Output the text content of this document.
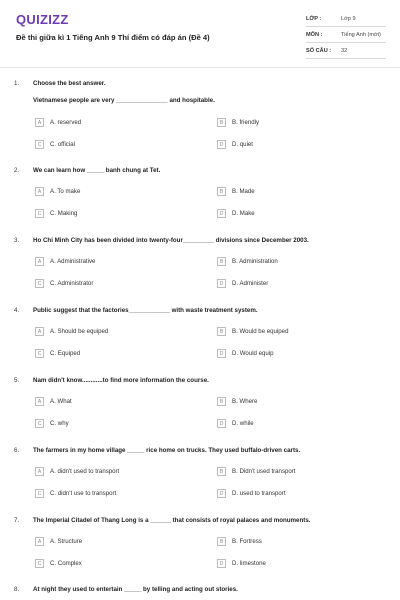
QUIZIZZ
Đề thi giữa kì 1 Tiếng Anh 9 Thí điểm có đáp án (Đề 4)
LỚP :	Lớp 9
MÔN :	Tiếng Anh (mới)
SỐ CÂU : 32
1. Choose the best answer.
Vietnamese people are very _______________ and hospitable.
A	A. reserved	B	B. friendly
C	C. official	D	D. quiet
2. We can learn how _____ banh chung at Tet.
A	A. To make	B	B. Made
C	C. Making	D	D. Make
3. Ho Chi Minh City has been divided into twenty-four_________ divisions since December 2003.
A	A. Administrative	B	B. Administration
C	C. Administrator	D	D. Administer
4. Public suggest that the factories____________ with waste treatment system.
A	A. Should be equiped	B	B. Would be equiped
C	C. Equiped	D	D. Would equip
5. Nam didn't know............to find more information the course.
A	A. What	B	B. Where
C	C. why	D	D. while
6. The farmers in my home village _____ rice home on trucks. They used buffalo-driven carts.
A	A. didn't used to transport	B	B. Didn't used transport
C	C. didn't use to transport	D	D. used to transport
7. The Imperial Citadel of Thang Long is a ______ that consists of royal palaces and monuments.
A	A. Structure	B	B. Fortress
C	C. Complex	D	D. limestone
8. At night they used to entertain _____ by telling and acting out stories.
